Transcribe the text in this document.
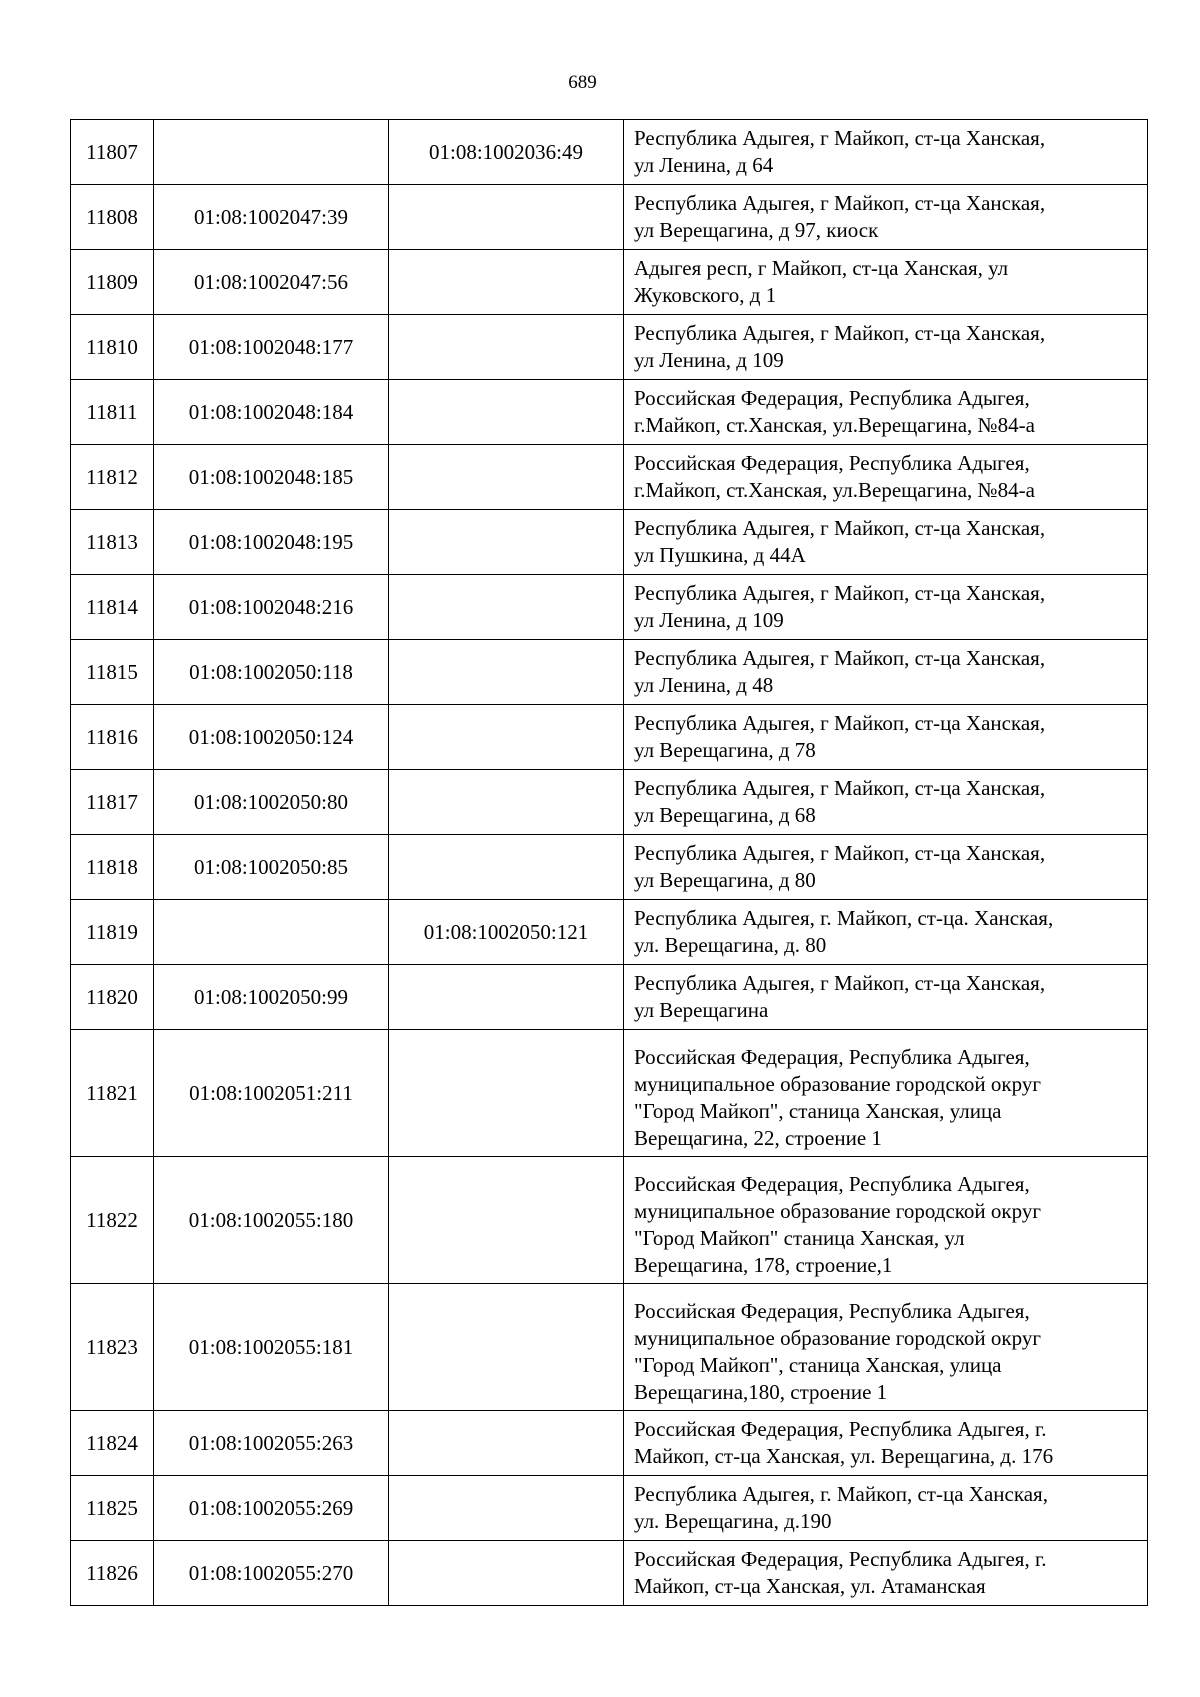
689
11807		01:08:1002036:49	Республика Адыгея, г Майкоп, ст-ца Ханская,
ул Ленина, д 64

11808	01:08:1002047:39		Республика Адыгея, г Майкоп, ст-ца Ханская,
ул Верещагина, д 97, киоск

11809	01:08:1002047:56		Адыгея респ, г Майкоп, ст-ца Ханская, ул
Жуковского, д 1

11810	01:08:1002048:177		Республика Адыгея, г Майкоп, ст-ца Ханская,
ул Ленина, д 109

11811	01:08:1002048:184		Российская Федерация, Республика Адыгея,
г.Майкоп, ст.Ханская, ул.Верещагина, №84-а

11812	01:08:1002048:185		Российская Федерация, Республика Адыгея,
г.Майкоп, ст.Ханская, ул.Верещагина, №84-а

11813	01:08:1002048:195		Республика Адыгея, г Майкоп, ст-ца Ханская,
ул Пушкина, д 44А

11814	01:08:1002048:216		Республика Адыгея, г Майкоп, ст-ца Ханская,
ул Ленина, д 109

11815	01:08:1002050:118		Республика Адыгея, г Майкоп, ст-ца Ханская,
ул Ленина, д 48

11816	01:08:1002050:124		Республика Адыгея, г Майкоп, ст-ца Ханская,
ул Верещагина, д 78

11817	01:08:1002050:80		Республика Адыгея, г Майкоп, ст-ца Ханская,
ул Верещагина, д 68

11818	01:08:1002050:85		Республика Адыгея, г Майкоп, ст-ца Ханская,
ул Верещагина, д 80

11819		01:08:1002050:121	Республика Адыгея, г. Майкоп, ст-ца. Ханская,
ул. Верещагина, д. 80

11820	01:08:1002050:99		Республика Адыгея, г Майкоп, ст-ца Ханская,
ул Верещагина

11821	01:08:1002051:211		Российская Федерация, Республика Адыгея,
муниципальное образование городской округ
"Город Майкоп", станица Ханская, улица
Верещагина, 22, строение 1

11822	01:08:1002055:180		Российская Федерация, Республика Адыгея,
муниципальное образование городской округ
"Город Майкоп" станица Ханская, ул
Верещагина, 178, строение,1

11823	01:08:1002055:181		Российская Федерация, Республика Адыгея,
муниципальное образование городской округ
"Город Майкоп", станица Ханская, улица
Верещагина,180, строение 1

11824	01:08:1002055:263		Российская Федерация, Республика Адыгея, г.
Майкоп, ст-ца Ханская, ул. Верещагина, д. 176

11825	01:08:1002055:269		Республика Адыгея, г. Майкоп, ст-ца Ханская,
ул. Верещагина, д.190

11826	01:08:1002055:270		Российская Федерация, Республика Адыгея, г.
Майкоп, ст-ца Ханская, ул. Атаманская
